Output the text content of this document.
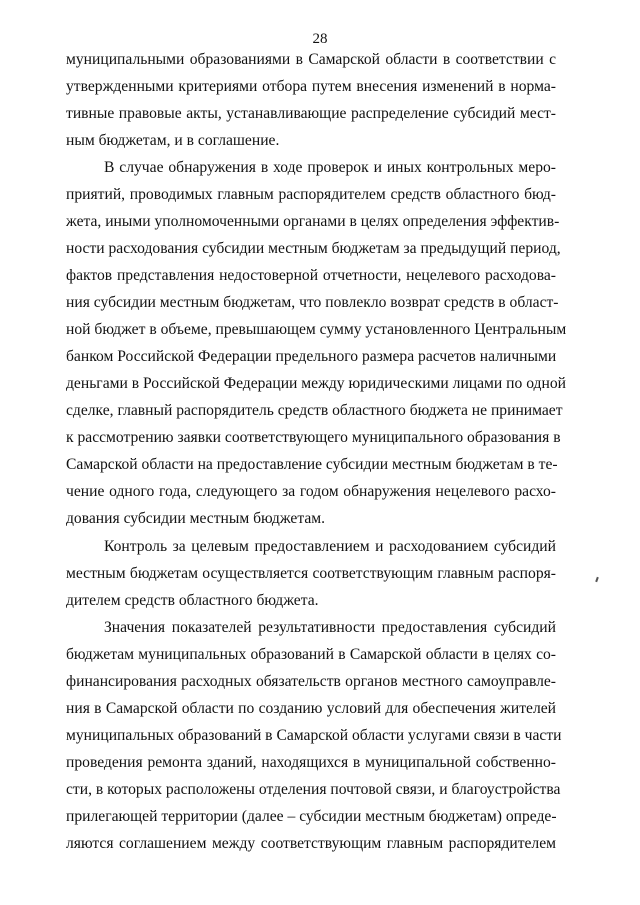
28
муниципальными образованиями в Самарской области в соответствии с
утвержденными критериями отбора путем внесения изменений в норма-
тивные правовые акты, устанавливающие распределение субсидий мест-
ным бюджетам, и в соглашение.
В случае обнаружения в ходе проверок и иных контрольных меро-
приятий, проводимых главным распорядителем средств областного бюд-
жета, иными уполномоченными органами в целях определения эффектив-
ности расходования субсидии местным бюджетам за предыдущий период,
фактов представления недостоверной отчетности, нецелевого расходова-
ния субсидии местным бюджетам, что повлекло возврат средств в област-
ной бюджет в объеме, превышающем сумму установленного Центральным
банком Российской Федерации предельного размера расчетов наличными
деньгами в Российской Федерации между юридическими лицами по одной
сделке, главный распорядитель средств областного бюджета не принимает
к рассмотрению заявки соответствующего муниципального образования в
Самарской области на предоставление субсидии местным бюджетам в те-
чение одного года, следующего за годом обнаружения нецелевого расхо-
дования субсидии местным бюджетам.
Контроль за целевым предоставлением и расходованием субсидий
местным бюджетам осуществляется соответствующим главным распоря-
дителем средств областного бюджета.
Значения показателей результативности предоставления субсидий
бюджетам муниципальных образований в Самарской области в целях со-
финансирования расходных обязательств органов местного самоуправле-
ния в Самарской области по созданию условий для обеспечения жителей
муниципальных образований в Самарской области услугами связи в части
проведения ремонта зданий, находящихся в муниципальной собственно-
сти, в которых расположены отделения почтовой связи, и благоустройства
прилегающей территории (далее – субсидии местным бюджетам) опреде-
ляются соглашением между соответствующим главным распорядителем
